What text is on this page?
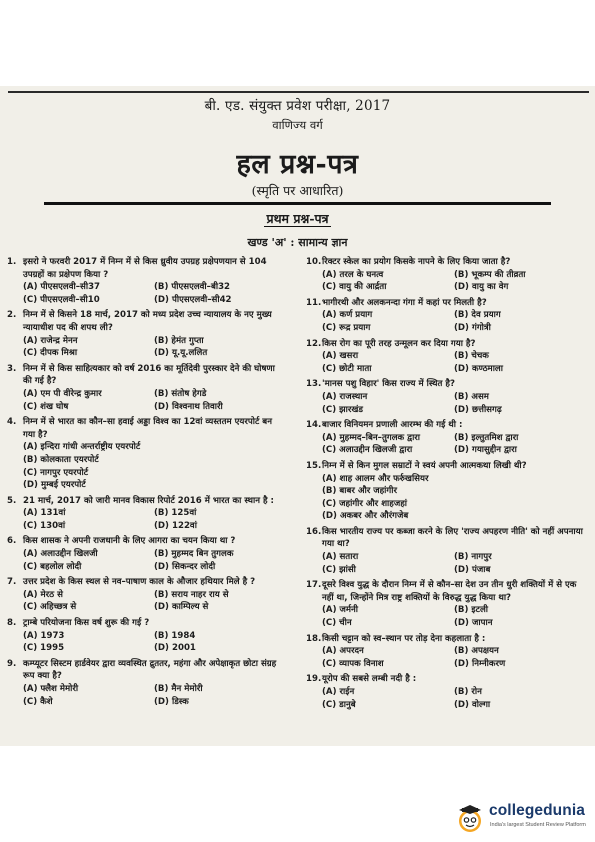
बी. एड. संयुक्त प्रवेश परीक्षा, 2017
वाणिज्य वर्ग
हल प्रश्न-पत्र
(स्मृति पर आधारित)
प्रथम प्रश्न-पत्र
खण्ड 'अ' : सामान्य ज्ञान
1. इसरो ने फरवरी 2017 में निम्न में से किस ध्रुवीय उपग्रह प्रक्षेपणयान से 104 उपग्रहों का प्रक्षेपण किया ?
(A) पीएसएलवी–सी37	(B) पीएसएलवी–बी32
(C) पीएसएलवी–सी10	(D) पीएसएलवी–सी42
2. निम्न में से किसने 18 मार्च, 2017 को मध्य प्रदेश उच्च न्यायालय के नए मुख्य न्यायाधीश पद की शपथ ली?
(A) राजेन्द्र मेनन	(B) हेमंत गुप्ता
(C) दीपक मिश्रा	(D) यू.यू.ललित
3. निम्न में से किस साहित्यकार को वर्ष 2016 का मूर्तिदेवी पुरस्कार देने की घोषणा की गई है?
(A) एम पी वीरेन्द्र कुमार	(B) संतोष हेगडे
(C) शंख घोष	(D) विश्वनाथ तिवारी
4. निम्न में से भारत का कौन–सा हवाई अड्डा विश्व का 12वां व्यस्ततम एयरपोर्ट बन गया है?
(A) इन्दिरा गांधी अन्तर्राष्ट्रीय एयरपोर्ट
(B) कोलकाता एयरपोर्ट
(C) नागपुर एयरपोर्ट
(D) मुम्बई एयरपोर्ट
5. 21 मार्च, 2017 को जारी मानव विकास रिपोर्ट 2016 में भारत का स्थान है :
(A) 131वां	(B) 125वां
(C) 130वां	(D) 122वां
6. किस शासक ने अपनी राजधानी के लिए आगरा का चयन किया था ?
(A) अलाउद्दीन खिलजी	(B) मुहम्मद बिन तुगलक
(C) बहलोल लोदी	(D) सिकन्दर लोदी
7. उत्तर प्रदेश के किस स्थल से नव–पाषाण काल के औजार हथियार मिले है ?
(A) मेरठ से	(B) सराय नाहर राय से
(C) अहिच्छत्र से	(D) काम्पिल्य से
8. ट्राम्बे परियोजना किस वर्ष शुरू की गई ?
(A) 1973	(B) 1984
(C) 1995	(D) 2001
9. कम्प्यूटर सिस्टम हार्डवेयर द्वारा व्यवस्थित द्रुततर, महंगा और अपेक्षाकृत छोटा संग्रह रूप क्या है?
(A) फ्लैश मेमोरी	(B) मैन मेमोरी
(C) कैशे	(D) डिस्क
10. रिक्टर स्केल का प्रयोग किसके नापने के लिए किया जाता है?
(A) तरल के घनत्व	(B) भूकम्प की तीव्रता
(C) वायु की आर्द्रता	(D) वायु का वेग
11. भागीरथी और अलकनन्दा गंगा में कहां पर मिलती है?
(A) कर्ण प्रयाग	(B) देव प्रयाग
(C) रूद्र प्रयाग	(D) गंगोत्री
12. किस रोग का पूरी तरह उन्मूलन कर दिया गया है?
(A) खसरा	(B) चेचक
(C) छोटी माता	(D) कण्ठमाला
13. 'मानस पशु विहार' किस राज्य में स्थित है?
(A) राजस्थान	(B) असम
(C) झारखंड	(D) छत्तीसगढ़
14. बाजार विनियमन प्रणाली आरम्भ की गई थी :
(A) मुहम्मद–बिन–तुगलक द्वारा	(B) इल्तुतमिश द्वारा
(C) अलाउद्दीन खिलजी द्वारा	(D) गयासुद्दीन द्वारा
15. निम्न में से किन मुगल सम्राटों ने स्वयं अपनी आत्मकथा लिखी थी?
(A) शाह आलम और फर्रुखसियर
(B) बाबर और जहांगीर
(C) जहांगीर और शाहजहां
(D) अकबर और औरंगजेब
16. किस भारतीय राज्य पर कब्जा करने के लिए 'राज्य अपहरण नीति' को नहीं अपनाया गया था?
(A) सतारा	(B) नागपुर
(C) झांसी	(D) पंजाब
17. दूसरे विश्व युद्ध के दौरान निम्न में से कौन–सा देश उन तीन धुरी शक्तियों में से एक नहीं था, जिन्होंने मित्र राष्ट्र शक्तियों के विरुद्ध युद्ध किया था?
(A) जर्मनी	(B) इटली
(C) चीन	(D) जापान
18. किसी चट्टान को स्व–स्थान पर तोड़ देना कहलाता है :
(A) अपरदन	(B) अपक्षयन
(C) व्यापक विनाश	(D) निम्नीकरण
19. यूरोप की सबसे लम्बी नदी है :
(A) राईन	(B) रोन
(C) डानुबे	(D) वोल्गा
collegedunia
India's largest Student Review Platform
